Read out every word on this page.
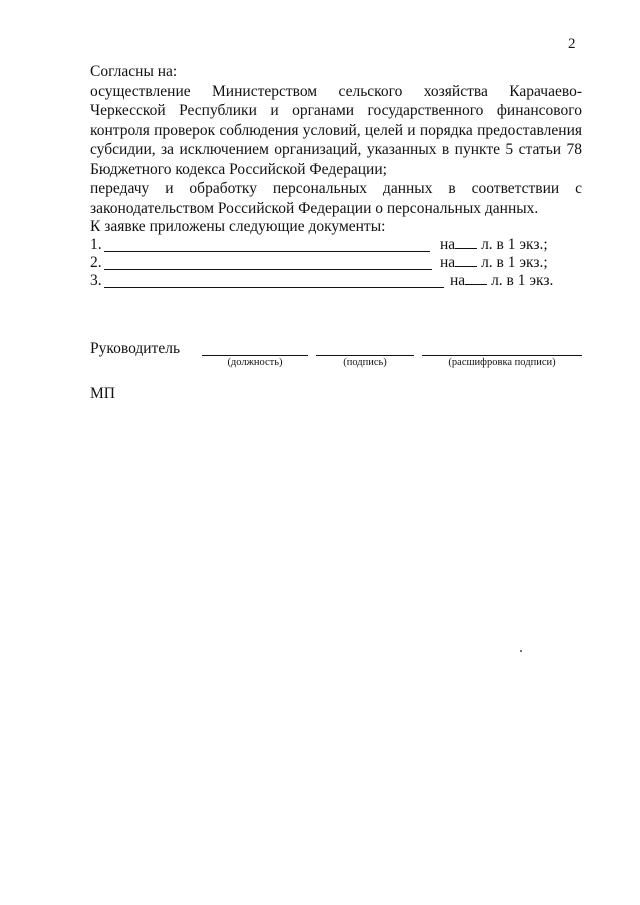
2

Согласны на:

осуществление Министерством сельского хозяйства Карачаево-Черкесской Республики и органами государственного финансового контроля проверок соблюдения условий, целей и порядка предоставления субсидии, за исключением организаций, указанных в пункте 5 статьи 78 Бюджетного кодекса Российской Федерации;

передачу и обработку персональных данных в соответствии с законодательством Российской Федерации о персональных данных.

К заявке приложены следующие документы:
1.	на л. в 1 экз.;
2.	на л. в 1 экз.;
3.	на л. в 1 экз.
Руководитель
(должность)	(подпись)	(расшифровка подписи)
МП
